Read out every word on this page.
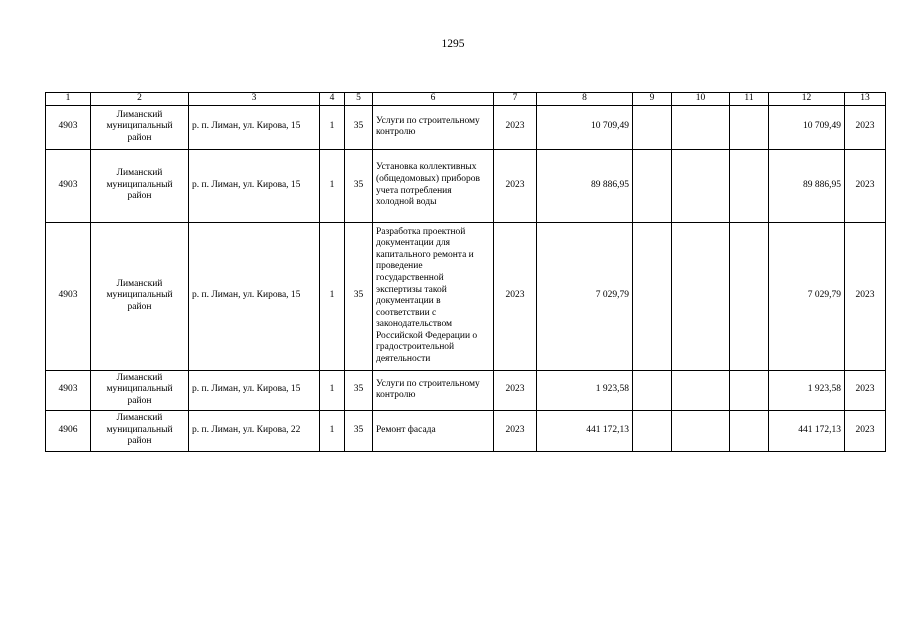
1295
1	2	3	4	5	6	7	8	9	10	11	12	13
4903	Лиманский муниципальный район	р. п. Лиман, ул. Кирова, 15	1	35	Услуги по строительному контролю	2023	10 709,49				10 709,49	2023
4903	Лиманский муниципальный район	р. п. Лиман, ул. Кирова, 15	1	35	Установка коллективных (общедомовых) приборов учета потребления холодной воды	2023	89 886,95				89 886,95	2023
4903	Лиманский муниципальный район	р. п. Лиман, ул. Кирова, 15	1	35	Разработка проектной документации для капитального ремонта и проведение государственной экспертизы такой документации в соответствии с законодательством Российской Федерации о градостроительной деятельности	2023	7 029,79				7 029,79	2023
4903	Лиманский муниципальный район	р. п. Лиман, ул. Кирова, 15	1	35	Услуги по строительному контролю	2023	1 923,58				1 923,58	2023
4906	Лиманский муниципальный район	р. п. Лиман, ул. Кирова, 22	1	35	Ремонт фасада	2023	441 172,13				441 172,13	2023
